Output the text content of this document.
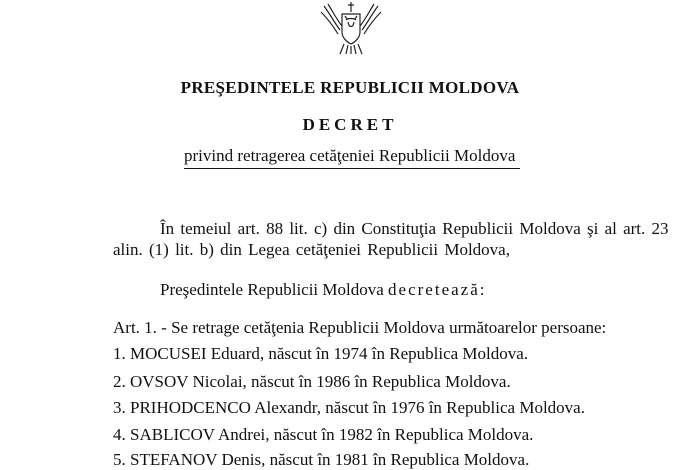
PREŞEDINTELE REPUBLICII MOLDOVA
DECRET
privind retragerea cetăţeniei Republicii Moldova
În temeiul art. 88 lit. c) din Constituţia Republicii Moldova şi al art. 23
alin. (1) lit. b) din Legea cetăţeniei Republicii Moldova,
Preşedintele Republicii Moldova decretează:
Art. 1. - Se retrage cetăţenia Republicii Moldova următoarelor persoane:
1. MOCUSEI Eduard, născut în 1974 în Republica Moldova.
2. OVSOV Nicolai, născut în 1986 în Republica Moldova.
3. PRIHODCENCO Alexandr, născut în 1976 în Republica Moldova.
4. SABLICOV Andrei, născut în 1982 în Republica Moldova.
5. STEFANOV Denis, născut în 1981 în Republica Moldova.
